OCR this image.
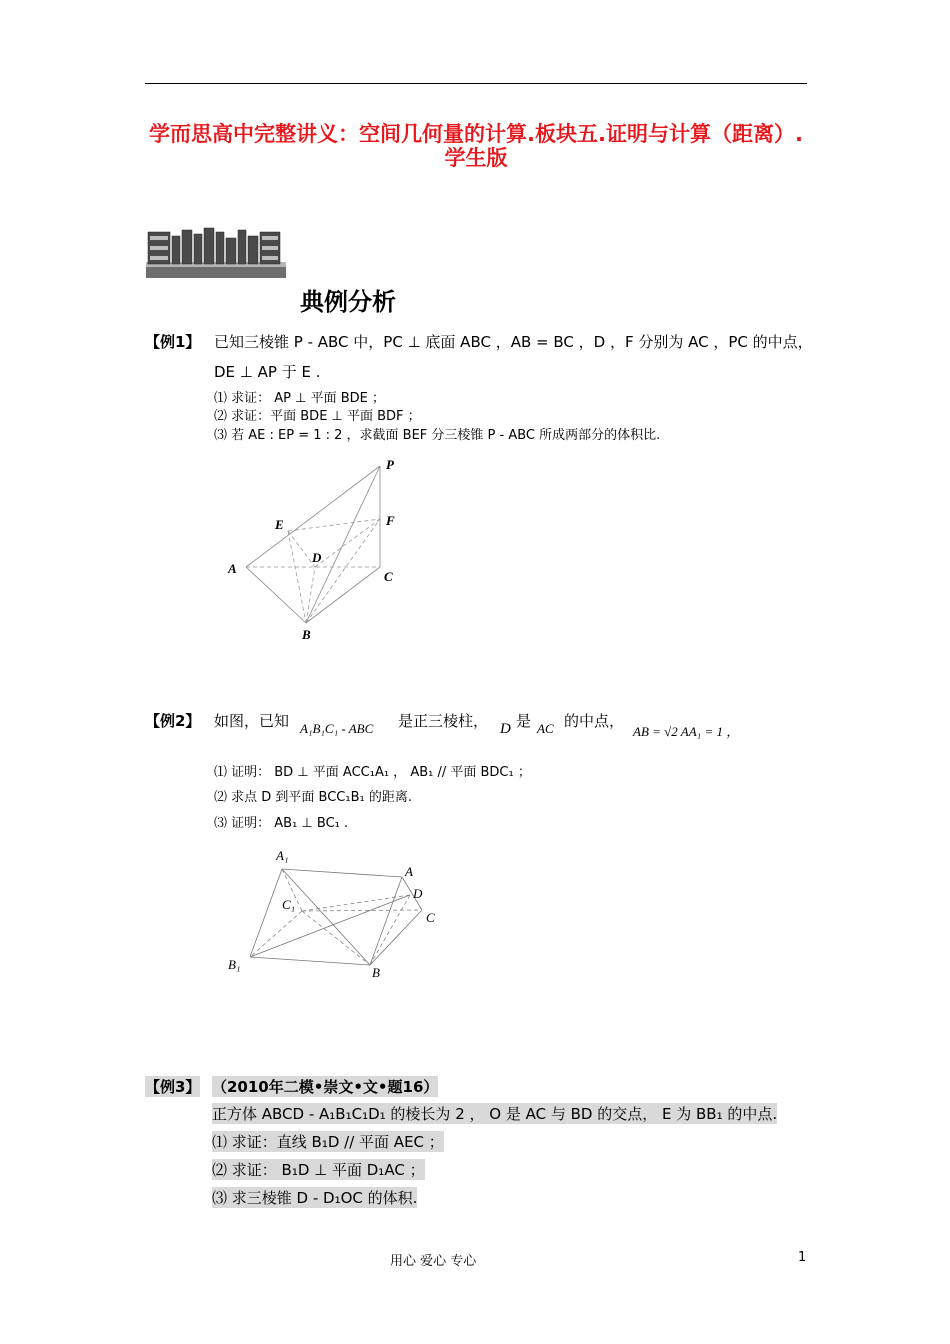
学而思高中完整讲义：空间几何量的计算.板块五.证明与计算（距离）.学生版
典例分析
【例1】 已知三棱锥 P - ABC 中，PC ⊥ 底面 ABC ，AB = BC ，D ，F 分别为 AC ，PC 的中点，
DE ⊥ AP 于 E .
⑴ 求证： AP ⊥ 平面 BDE ；
⑵ 求证：平面 BDE ⊥ 平面 BDF ；
⑶ 若 AE : EP = 1 : 2 ，求截面 BEF 分三棱锥 P - ABC 所成两部分的体积比.
P
E	F
D
A
C
B
【例2】 如图，已知 A₁B₁C₁ - ABC 是正三棱柱， D 是 AC 的中点，
AB = √2 AA₁ = 1 ，
⑴ 证明： BD ⊥ 平面 ACC₁A₁ ， AB₁ // 平面 BDC₁ ；
⑵ 求点 D 到平面 BCC₁B₁ 的距离.
⑶ 证明： AB₁ ⊥ BC₁ .
A₁
A
D
C₁
C
B₁
B
【例3】 （2010年二模•崇文•文•题16）
正方体 ABCD - A₁B₁C₁D₁ 的棱长为 2 ， O 是 AC 与 BD 的交点， E 为 BB₁ 的中点.
⑴ 求证：直线 B₁D // 平面 AEC ；
⑵ 求证： B₁D ⊥ 平面 D₁AC ；
⑶ 求三棱锥 D - D₁OC 的体积.
用心 爱心 专心	1
